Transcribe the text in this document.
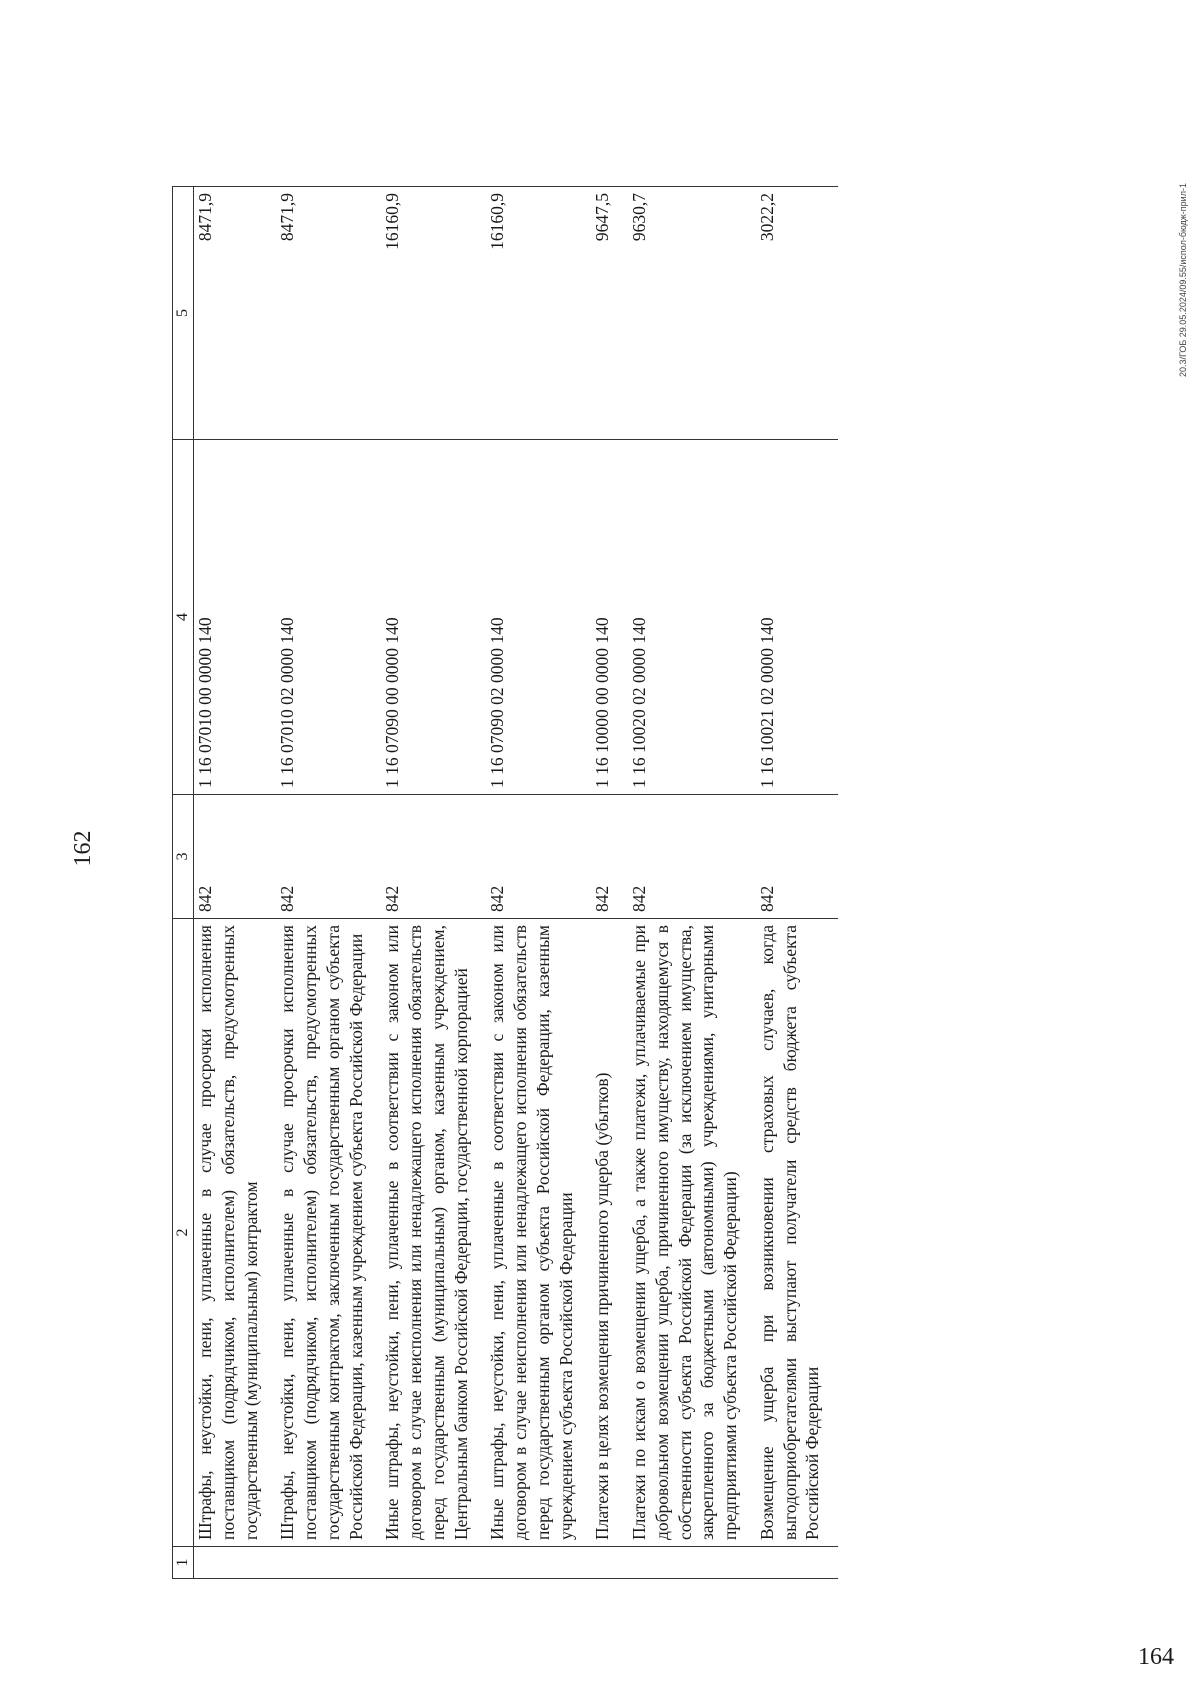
162
1	2	3	4	5
	Штрафы, неустойки, пени, уплаченные в случае просрочки исполнения поставщиком (подрядчиком, исполнителем) обязательств, предусмотренных государственным (муниципальным) контрактом	842	1 16 07010 00 0000 140	8471,9
	Штрафы, неустойки, пени, уплаченные в случае просрочки исполнения поставщиком (подрядчиком, исполнителем) обязательств, предусмотренных государственным контрактом, заключенным государственным органом субъекта Российской Федерации, казенным учреждением субъекта Российской Федерации	842	1 16 07010 02 0000 140	8471,9
	Иные штрафы, неустойки, пени, уплаченные в соответствии с законом или договором в случае неисполнения или ненадлежащего исполнения обязательств перед государственным (муниципальным) органом, казенным учреждением, Центральным банком Российской Федерации, государственной корпорацией	842	1 16 07090 00 0000 140	16160,9
	Иные штрафы, неустойки, пени, уплаченные в соответствии с законом или договором в случае неисполнения или ненадлежащего исполнения обязательств перед государственным органом субъекта Российской Федерации, казенным учреждением субъекта Российской Федерации	842	1 16 07090 02 0000 140	16160,9
	Платежи в целях возмещения причиненного ущерба (убытков)	842	1 16 10000 00 0000 140	9647,5
	Платежи по искам о возмещении ущерба, а также платежи, уплачиваемые при добровольном возмещении ущерба, причиненного имуществу, находящемуся в собственности субъекта Российской Федерации (за исключением имущества, закрепленного за бюджетными (автономными) учреждениями, унитарными предприятиями субъекта Российской Федерации)	842	1 16 10020 02 0000 140	9630,7
	Возмещение ущерба при возникновении страховых случаев, когда выгодоприобретателями выступают получатели средств бюджета субъекта Российской Федерации	842	1 16 10021 02 0000 140	3022,2	20.3/ГОБ 29.05.2024/09.55/испол-бюдж-прил-1
164
